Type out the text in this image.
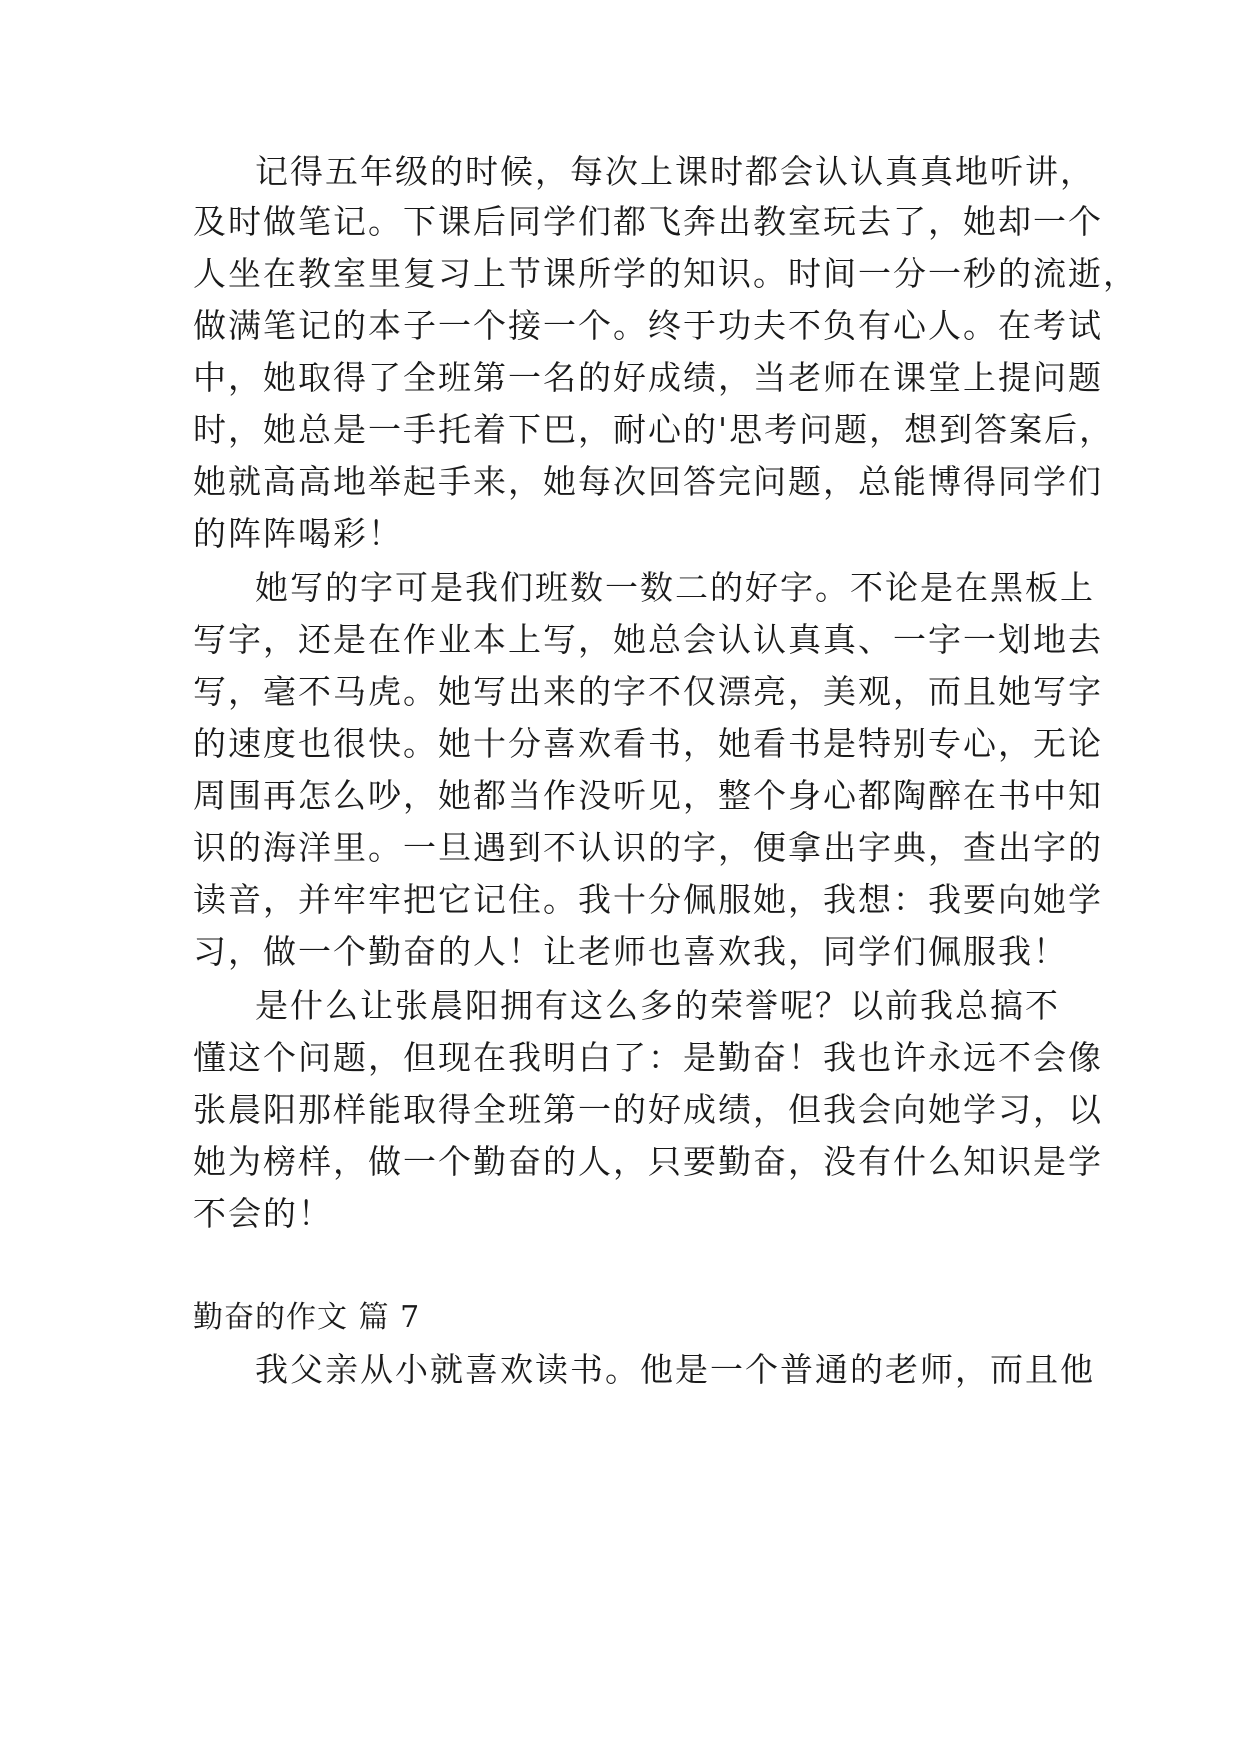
记得五年级的时候，每次上课时都会认认真真地听讲，
及时做笔记。下课后同学们都飞奔出教室玩去了，她却一个
人坐在教室里复习上节课所学的知识。时间一分一秒的流逝，
做满笔记的本子一个接一个。终于功夫不负有心人。在考试
中，她取得了全班第一名的好成绩，当老师在课堂上提问题
时，她总是一手托着下巴，耐心的'思考问题，想到答案后，
她就高高地举起手来，她每次回答完问题，总能博得同学们
的阵阵喝彩！
她写的字可是我们班数一数二的好字。不论是在黑板上
写字，还是在作业本上写，她总会认认真真、一字一划地去
写，毫不马虎。她写出来的字不仅漂亮，美观，而且她写字
的速度也很快。她十分喜欢看书，她看书是特别专心，无论
周围再怎么吵，她都当作没听见，整个身心都陶醉在书中知
识的海洋里。一旦遇到不认识的字，便拿出字典，查出字的
读音，并牢牢把它记住。我十分佩服她，我想：我要向她学
习，做一个勤奋的人！让老师也喜欢我，同学们佩服我！
是什么让张晨阳拥有这么多的荣誉呢？以前我总搞不
懂这个问题，但现在我明白了：是勤奋！我也许永远不会像
张晨阳那样能取得全班第一的好成绩，但我会向她学习，以
她为榜样，做一个勤奋的人，只要勤奋，没有什么知识是学
不会的！
勤奋的作文 篇 7
我父亲从小就喜欢读书。他是一个普通的老师，而且他
